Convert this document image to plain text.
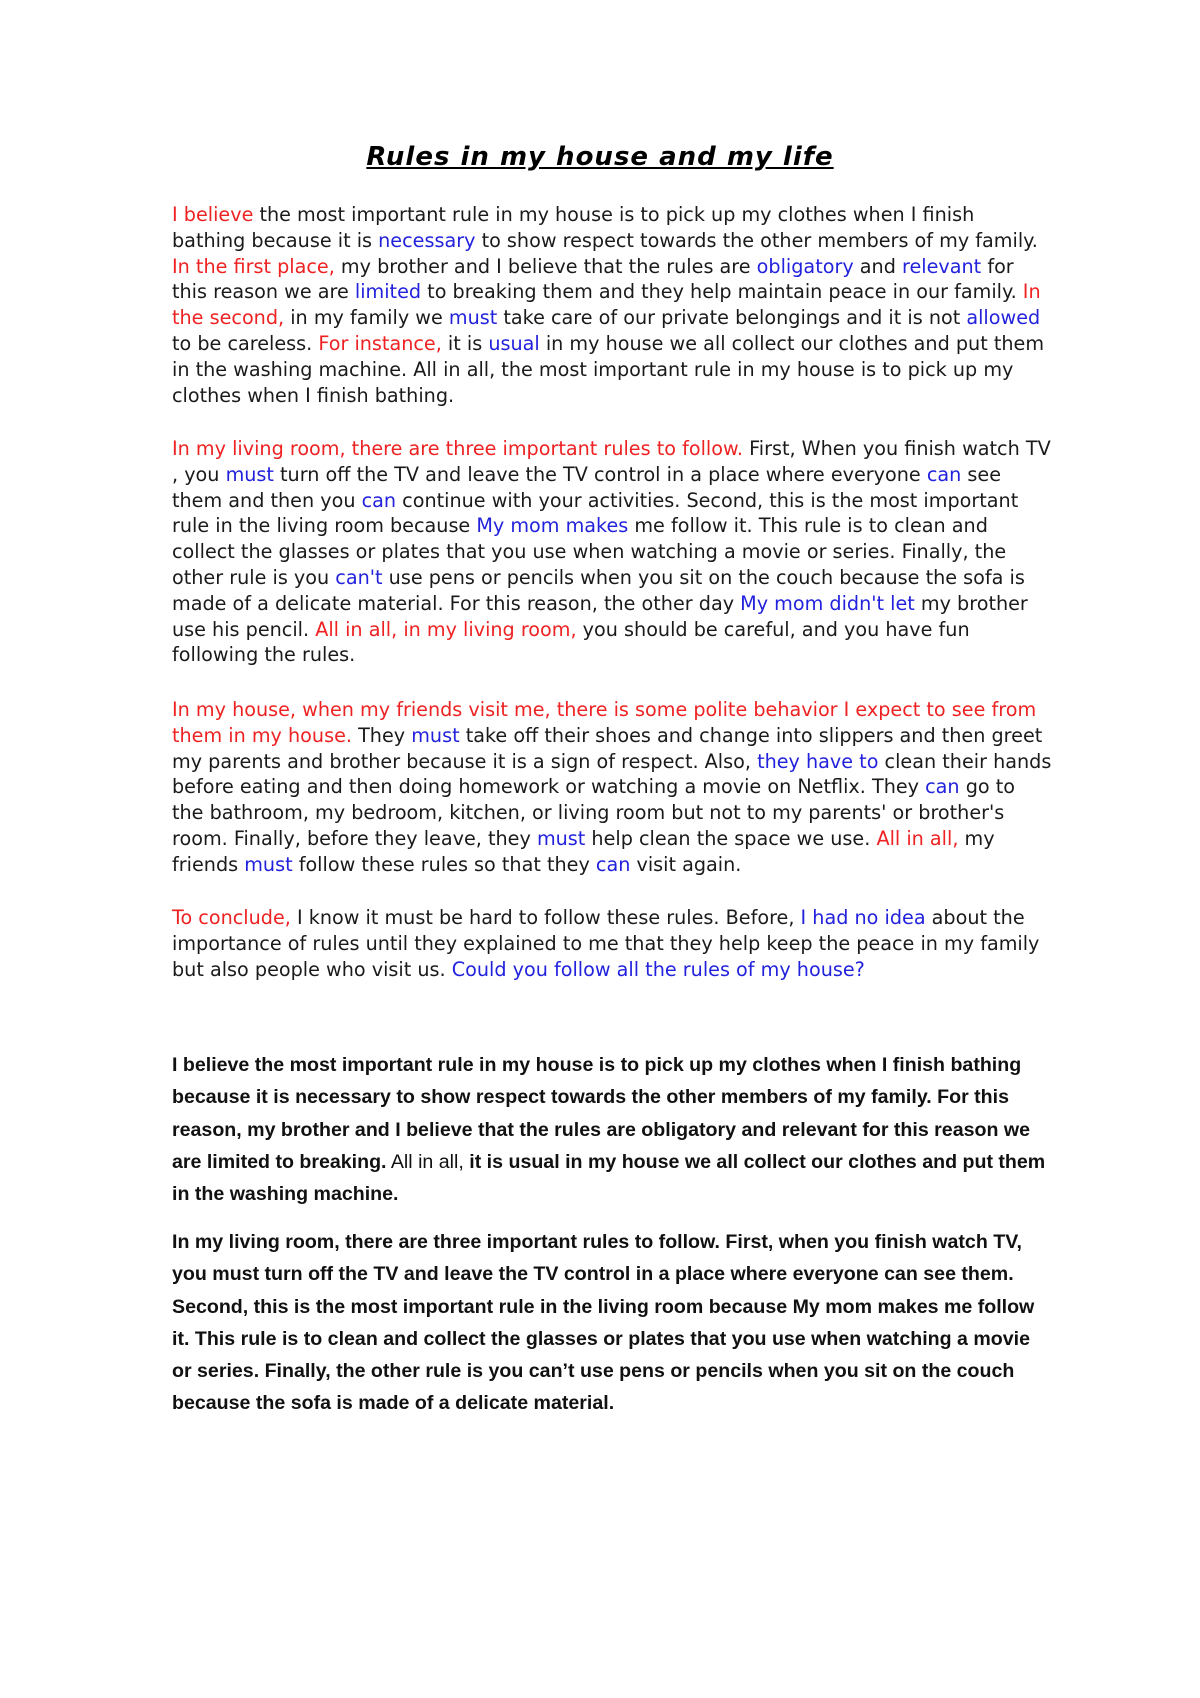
Rules in my house and my life

I believe the most important rule in my house is to pick up my clothes when I finish bathing because it is necessary to show respect towards the other members of my family. In the first place, my brother and I believe that the rules are obligatory and relevant for this reason we are limited to breaking them and they help maintain peace in our family. In the second, in my family we must take care of our private belongings and it is not allowed to be careless. For instance, it is usual in my house we all collect our clothes and put them in the washing machine. All in all, the most important rule in my house is to pick up my clothes when I finish bathing.

In my living room, there are three important rules to follow. First, When you finish watch TV , you must turn off the TV and leave the TV control in a place where everyone can see them and then you can continue with your activities. Second, this is the most important rule in the living room because My mom makes me follow it. This rule is to clean and collect the glasses or plates that you use when watching a movie or series. Finally, the other rule is you can't use pens or pencils when you sit on the couch because the sofa is made of a delicate material. For this reason, the other day My mom didn't let my brother use his pencil. All in all, in my living room, you should be careful, and you have fun following the rules.

In my house, when my friends visit me, there is some polite behavior I expect to see from them in my house. They must take off their shoes and change into slippers and then greet my parents and brother because it is a sign of respect. Also, they have to clean their hands before eating and then doing homework or watching a movie on Netflix. They can go to the bathroom, my bedroom, kitchen, or living room but not to my parents' or brother's room. Finally, before they leave, they must help clean the space we use. All in all, my friends must follow these rules so that they can visit again.

To conclude, I know it must be hard to follow these rules. Before, I had no idea about the importance of rules until they explained to me that they help keep the peace in my family but also people who visit us. Could you follow all the rules of my house?

I believe the most important rule in my house is to pick up my clothes when I finish bathing because it is necessary to show respect towards the other members of my family. For this reason, my brother and I believe that the rules are obligatory and relevant for this reason we are limited to breaking. All in all, it is usual in my house we all collect our clothes and put them in the washing machine.

In my living room, there are three important rules to follow. First, when you finish watch TV, you must turn off the TV and leave the TV control in a place where everyone can see them. Second, this is the most important rule in the living room because My mom makes me follow it. This rule is to clean and collect the glasses or plates that you use when watching a movie or series. Finally, the other rule is you can’t use pens or pencils when you sit on the couch because the sofa is made of a delicate material.
